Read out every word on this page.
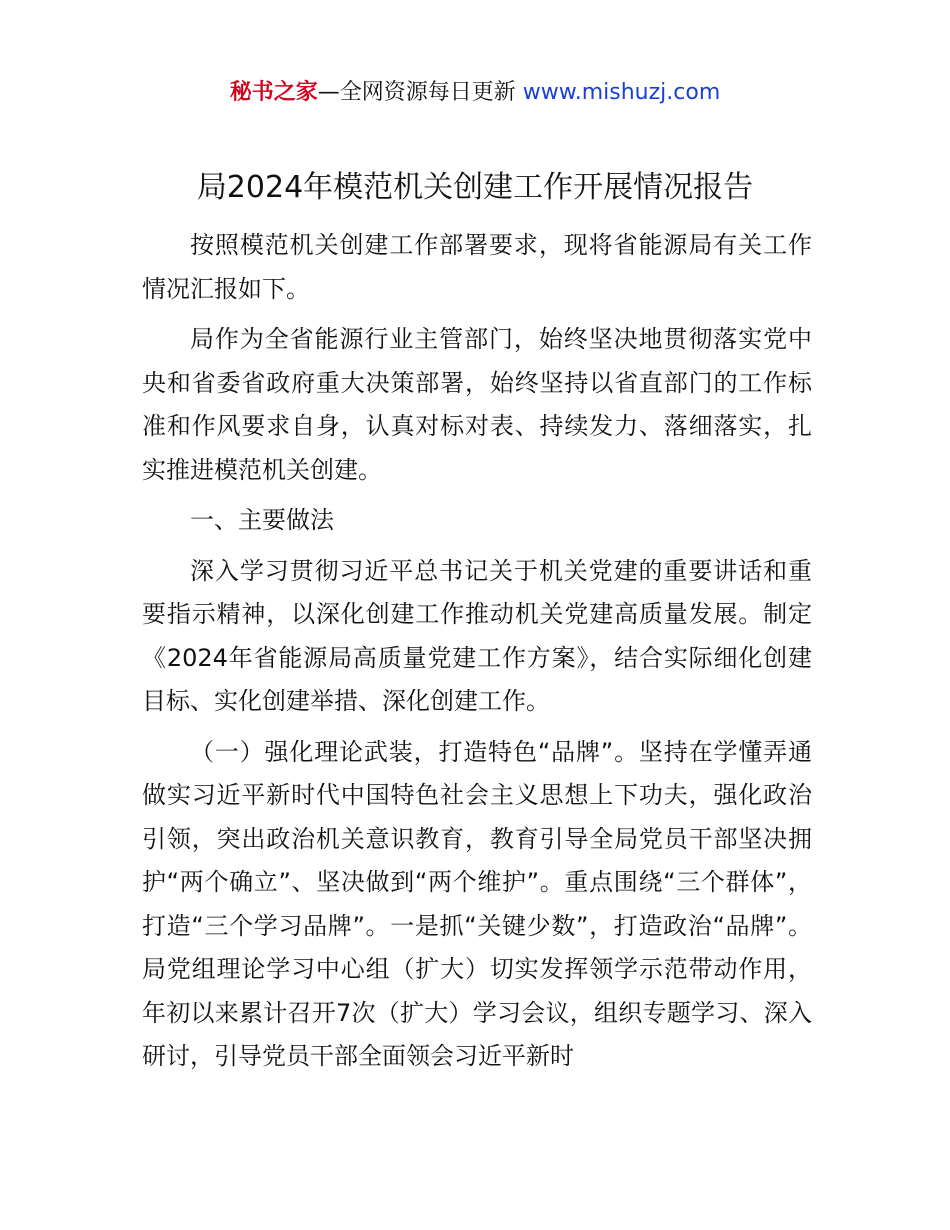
秘书之家—全网资源每日更新 www.mishuzj.com
局2024年模范机关创建工作开展情况报告

按照模范机关创建工作部署要求，现将省能源局有关工作情况汇报如下。

局作为全省能源行业主管部门，始终坚决地贯彻落实党中央和省委省政府重大决策部署，始终坚持以省直部门的工作标准和作风要求自身，认真对标对表、持续发力、落细落实，扎实推进模范机关创建。

一、主要做法

深入学习贯彻习近平总书记关于机关党建的重要讲话和重要指示精神，以深化创建工作推动机关党建高质量发展。制定《2024年省能源局高质量党建工作方案》，结合实际细化创建目标、实化创建举措、深化创建工作。

（一）强化理论武装，打造特色“品牌”。坚持在学懂弄通做实习近平新时代中国特色社会主义思想上下功夫，强化政治引领，突出政治机关意识教育，教育引导全局党员干部坚决拥护“两个确立”、坚决做到“两个维护”。重点围绕“三个群体”，打造“三个学习品牌”。一是抓“关键少数”，打造政治“品牌”。局党组理论学习中心组（扩大）切实发挥领学示范带动作用，年初以来累计召开7次（扩大）学习会议，组织专题学习、深入研讨，引导党员干部全面领会习近平新时
